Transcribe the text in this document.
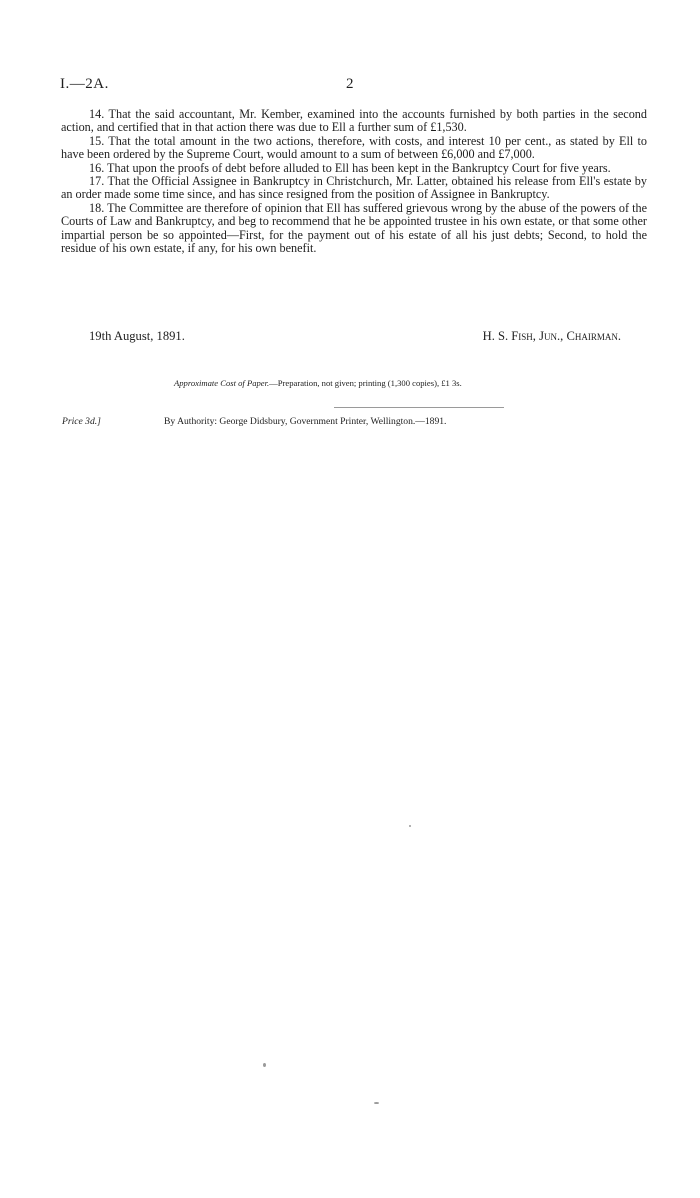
I.—2A.	2

14. That the said accountant, Mr. Kember, examined into the accounts furnished by both parties in the second action, and certified that in that action there was due to Ell a further sum of £1,530.

15. That the total amount in the two actions, therefore, with costs, and interest 10 per cent., as stated by Ell to have been ordered by the Supreme Court, would amount to a sum of between £6,000 and £7,000.

16. That upon the proofs of debt before alluded to Ell has been kept in the Bankruptcy Court for five years.

17. That the Official Assignee in Bankruptcy in Christchurch, Mr. Latter, obtained his release from Ell's estate by an order made some time since, and has since resigned from the position of Assignee in Bankruptcy.

18. The Committee are therefore of opinion that Ell has suffered grievous wrong by the abuse of the powers of the Courts of Law and Bankruptcy, and beg to recommend that he be appointed trustee in his own estate, or that some other impartial person be so appointed—First, for the payment out of his estate of all his just debts; Second, to hold the residue of his own estate, if any, for his own benefit.

19th August, 1891.	H. S. Fish, Jun., Chairman.
Approximate Cost of Paper.—Preparation, not given; printing (1,300 copies), £1 3s.
Price 3d.]	By Authority: George Didsbury, Government Printer, Wellington.—1891.
